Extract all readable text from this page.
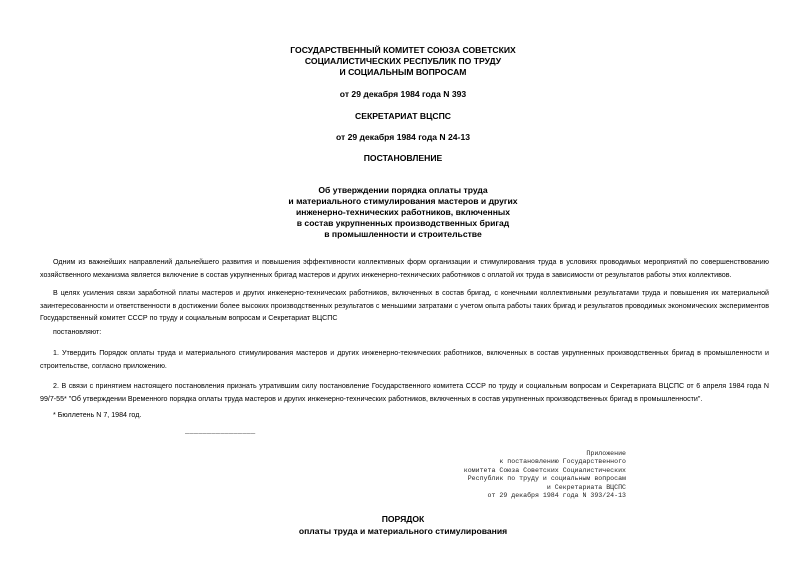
ГОСУДАРСТВЕННЫЙ КОМИТЕТ СОЮЗА СОВЕТСКИХ
СОЦИАЛИСТИЧЕСКИХ РЕСПУБЛИК ПО ТРУДУ
И СОЦИАЛЬНЫМ ВОПРОСАМ
от 29 декабря 1984 года N 393
СЕКРЕТАРИАТ ВЦСПС
от 29 декабря 1984 года N 24-13
ПОСТАНОВЛЕНИЕ
Об утверждении порядка оплаты труда
и материального стимулирования мастеров и других
инженерно-технических работников, включенных
в состав укрупненных производственных бригад
в промышленности и строительстве

Одним из важнейших направлений дальнейшего развития и повышения эффективности коллективных форм организации и стимулирования труда в условиях проводимых мероприятий по совершенствованию хозяйственного механизма является включение в состав укрупненных бригад мастеров и других инженерно-технических работников с оплатой их труда в зависимости от результатов работы этих коллективов.

В целях усиления связи заработной платы мастеров и других инженерно-технических работников, включенных в состав бригад, с конечными коллективными результатами труда и повышения их материальной заинтересованности и ответственности в достижении более высоких производственных результатов с меньшими затратами с учетом опыта работы таких бригад и результатов проводимых экономических экспериментов Государственный комитет СССР по труду и социальным вопросам и Секретариат ВЦСПС

постановляют:

1. Утвердить Порядок оплаты труда и материального стимулирования мастеров и других инженерно-технических работников, включенных в состав укрупненных производственных бригад в промышленности и строительстве, согласно приложению.

2. В связи с принятием настоящего постановления признать утратившим силу постановление Государственного комитета СССР по труду и социальным вопросам и Секретариата ВЦСПС от 6 апреля 1984 года N 99/7-55* "Об утверждении Временного порядка оплаты труда мастеров и других инженерно-технических работников, включенных в состав укрупненных производственных бригад в промышленности".

________________

* Бюллетень N 7, 1984 год.

Приложение
к постановлению Государственного
комитета Союза Советских Социалистических
Республик по труду и социальным вопросам
и Секретариата ВЦСПС
от 29 декабря 1984 года N 393/24-13
ПОРЯДОК
оплаты труда и материального стимулирования
